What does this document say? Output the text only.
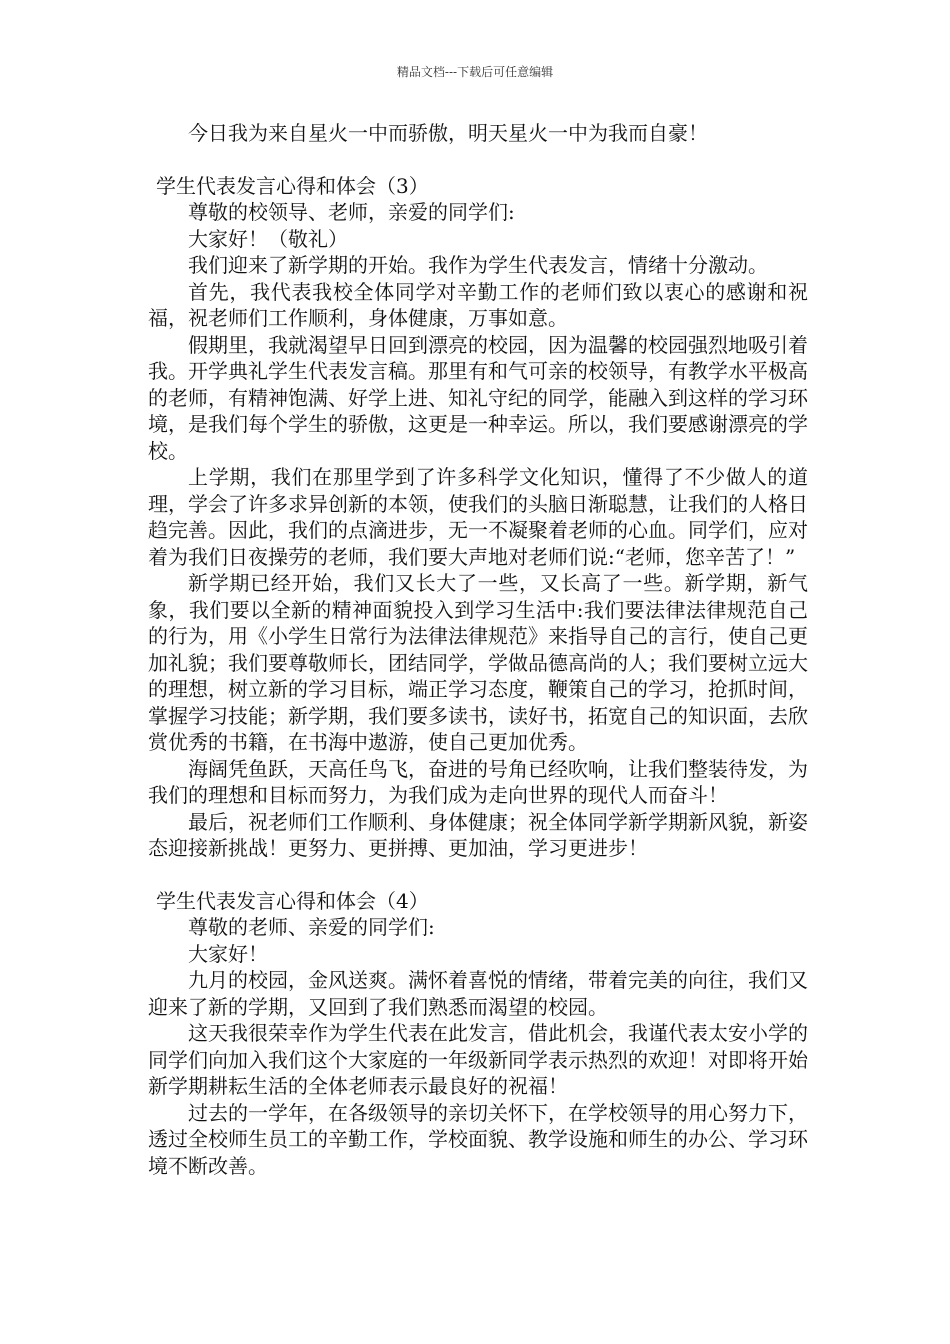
精品文档---下载后可任意编辑

今日我为来自星火一中而骄傲，明天星火一中为我而自豪！

学生代表发言心得和体会（3）

尊敬的校领导、老师，亲爱的同学们:

大家好！（敬礼）

我们迎来了新学期的开始。我作为学生代表发言，情绪十分激动。

首先，我代表我校全体同学对辛勤工作的老师们致以衷心的感谢和祝福，祝老师们工作顺利，身体健康，万事如意。

假期里，我就渴望早日回到漂亮的校园，因为温馨的校园强烈地吸引着我。开学典礼学生代表发言稿。那里有和气可亲的校领导，有教学水平极高的老师，有精神饱满、好学上进、知礼守纪的同学，能融入到这样的学习环境，是我们每个学生的骄傲，这更是一种幸运。所以，我们要感谢漂亮的学校。

上学期，我们在那里学到了许多科学文化知识，懂得了不少做人的道理，学会了许多求异创新的本领，使我们的头脑日渐聪慧，让我们的人格日趋完善。因此，我们的点滴进步，无一不凝聚着老师的心血。同学们，应对着为我们日夜操劳的老师，我们要大声地对老师们说:“老师，您辛苦了！”

新学期已经开始，我们又长大了一些，又长高了一些。新学期，新气象，我们要以全新的精神面貌投入到学习生活中:我们要法律法律规范自己的行为，用《小学生日常行为法律法律规范》来指导自己的言行，使自己更加礼貌；我们要尊敬师长，团结同学，学做品德高尚的人；我们要树立远大的理想，树立新的学习目标，端正学习态度，鞭策自己的学习，抢抓时间，掌握学习技能；新学期，我们要多读书，读好书，拓宽自己的知识面，去欣赏优秀的书籍，在书海中遨游，使自己更加优秀。

海阔凭鱼跃，天高任鸟飞，奋进的号角已经吹响，让我们整装待发，为我们的理想和目标而努力，为我们成为走向世界的现代人而奋斗！

最后，祝老师们工作顺利、身体健康；祝全体同学新学期新风貌，新姿态迎接新挑战！更努力、更拼搏、更加油，学习更进步！

学生代表发言心得和体会（4）

尊敬的老师、亲爱的同学们:

大家好！

九月的校园，金风送爽。满怀着喜悦的情绪，带着完美的向往，我们又迎来了新的学期，又回到了我们熟悉而渴望的校园。

这天我很荣幸作为学生代表在此发言，借此机会，我谨代表太安小学的同学们向加入我们这个大家庭的一年级新同学表示热烈的欢迎！对即将开始新学期耕耘生活的全体老师表示最良好的祝福！

过去的一学年，在各级领导的亲切关怀下，在学校领导的用心努力下，透过全校师生员工的辛勤工作，学校面貌、教学设施和师生的办公、学习环境不断改善。
